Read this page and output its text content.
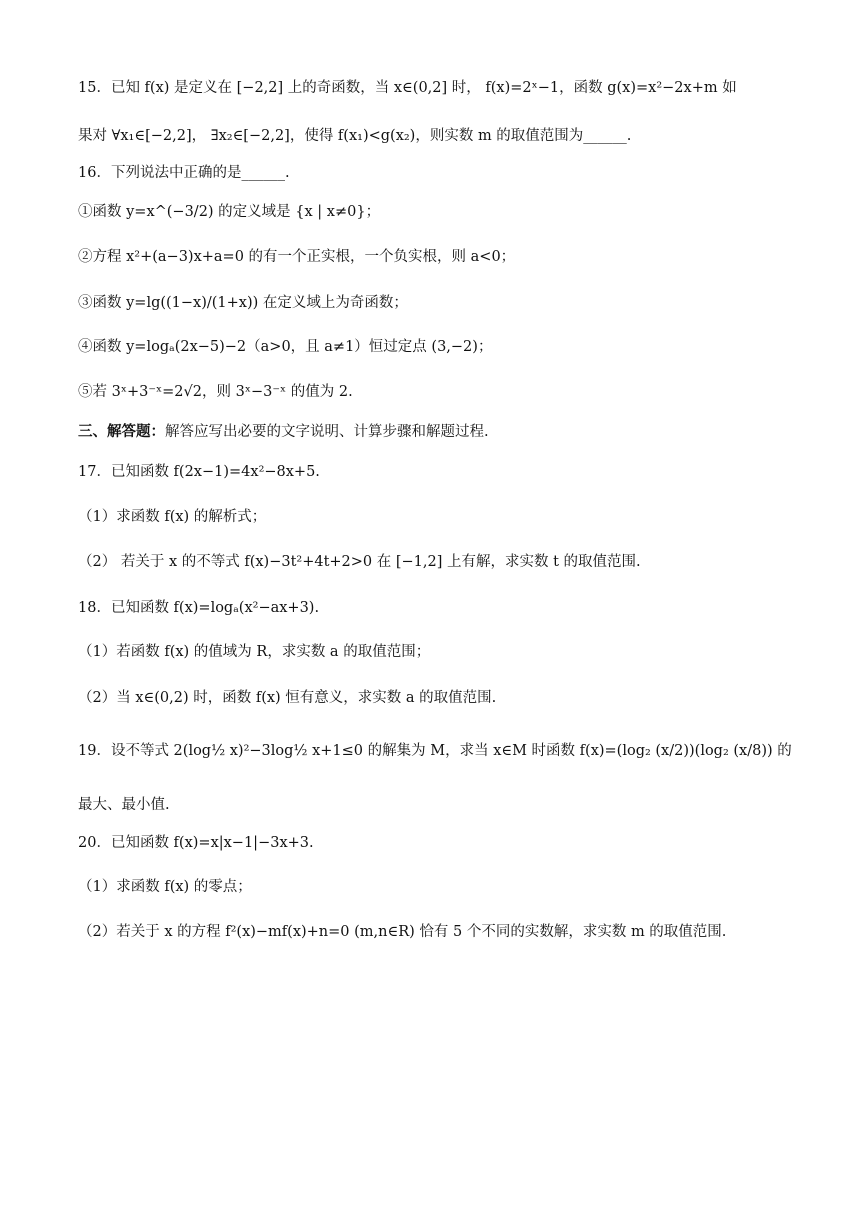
15．已知 f(x) 是定义在 [−2,2] 上的奇函数，当 x∈(0,2] 时， f(x)=2ˣ−1，函数 g(x)=x²−2x+m 如
果对 ∀x₁∈[−2,2]， ∃x₂∈[−2,2]，使得 f(x₁)<g(x₂)，则实数 m 的取值范围为______.
16．下列说法中正确的是______.
①函数 y=x^(−3/2) 的定义域是 {x | x≠0}；
②方程 x²+(a−3)x+a=0 的有一个正实根，一个负实根，则 a<0；
③函数 y=lg((1−x)/(1+x)) 在定义域上为奇函数；
④函数 y=logₐ(2x−5)−2（a>0，且 a≠1）恒过定点 (3,−2)；
⑤若 3ˣ+3⁻ˣ=2√2，则 3ˣ−3⁻ˣ 的值为 2.
三、解答题：解答应写出必要的文字说明、计算步骤和解题过程.
17．已知函数 f(2x−1)=4x²−8x+5.
（1）求函数 f(x) 的解析式；
（2） 若关于 x 的不等式 f(x)−3t²+4t+2>0 在 [−1,2] 上有解，求实数 t 的取值范围.
18．已知函数 f(x)=logₐ(x²−ax+3).
（1）若函数 f(x) 的值域为 R，求实数 a 的取值范围；
（2）当 x∈(0,2) 时，函数 f(x) 恒有意义，求实数 a 的取值范围.
19．设不等式 2(log½ x)²−3log½ x+1≤0 的解集为 M，求当 x∈M 时函数 f(x)=(log₂ (x/2))(log₂ (x/8)) 的
最大、最小值.
20．已知函数 f(x)=x|x−1|−3x+3.
（1）求函数 f(x) 的零点；
（2）若关于 x 的方程 f²(x)−mf(x)+n=0 (m,n∈R) 恰有 5 个不同的实数解，求实数 m 的取值范围.
